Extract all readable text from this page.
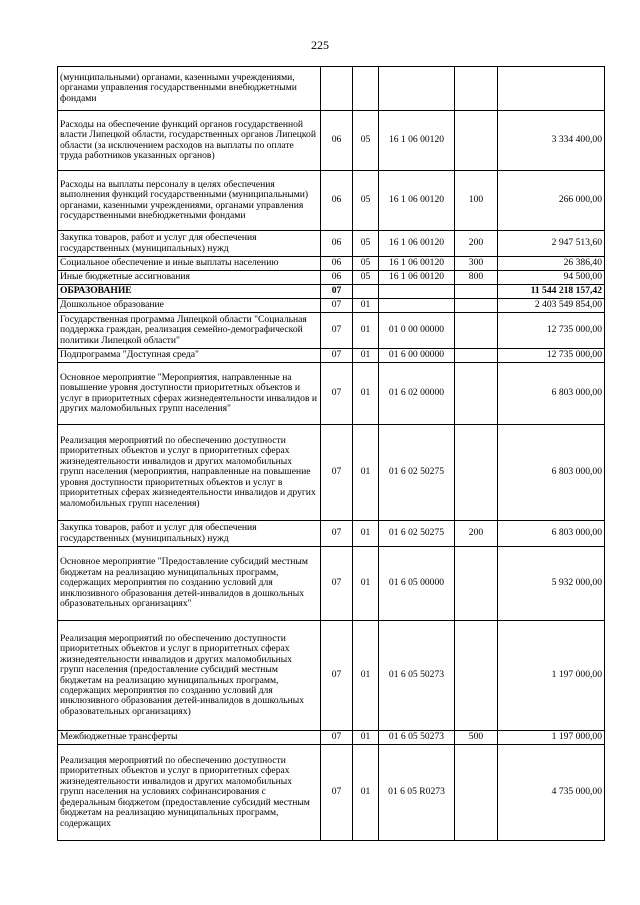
225
(муниципальными) органами, казенными учреждениями, органами управления государственными внебюджетными фондами					
Расходы на обеспечение функций органов государственной власти Липецкой области, государственных органов Липецкой области (за исключением расходов на выплаты по оплате труда работников указанных органов)	06	05	16 1 06 00120		3 334 400,00
Расходы на выплаты персоналу в целях обеспечения выполнения функций государственными (муниципальными) органами, казенными учреждениями, органами управления государственными внебюджетными фондами	06	05	16 1 06 00120	100	266 000,00
Закупка товаров, работ и услуг для обеспечения государственных (муниципальных) нужд	06	05	16 1 06 00120	200	2 947 513,60
Социальное обеспечение и иные выплаты населению	06	05	16 1 06 00120	300	26 386,40
Иные бюджетные ассигнования	06	05	16 1 06 00120	800	94 500,00
ОБРАЗОВАНИЕ	07				11 544 218 157,42
Дошкольное образование	07	01			2 403 549 854,00
Государственная программа Липецкой области "Социальная поддержка граждан, реализация семейно-демографической политики Липецкой области"	07	01	01 0 00 00000		12 735 000,00
Подпрограмма "Доступная среда"	07	01	01 6 00 00000		12 735 000,00
Основное мероприятие "Мероприятия, направленные на повышение уровня доступности приоритетных объектов и услуг в приоритетных сферах жизнедеятельности инвалидов и других маломобильных групп населения"	07	01	01 6 02 00000		6 803 000,00
Реализация мероприятий по обеспечению доступности приоритетных объектов и услуг в приоритетных сферах жизнедеятельности инвалидов и других маломобильных групп населения (мероприятия, направленные на повышение уровня доступности приоритетных объектов и услуг в приоритетных сферах жизнедеятельности инвалидов и других маломобильных групп населения)	07	01	01 6 02 50275		6 803 000,00
Закупка товаров, работ и услуг для обеспечения государственных (муниципальных) нужд	07	01	01 6 02 50275	200	6 803 000,00
Основное мероприятие "Предоставление субсидий местным бюджетам на реализацию муниципальных программ, содержащих мероприятия по созданию условий для инклюзивного образования детей-инвалидов в дошкольных образовательных организациях"	07	01	01 6 05 00000		5 932 000,00
Реализация мероприятий по обеспечению доступности приоритетных объектов и услуг в приоритетных сферах жизнедеятельности инвалидов и других маломобильных групп населения (предоставление субсидий местным бюджетам на реализацию муниципальных программ, содержащих мероприятия по созданию условий для инклюзивного образования детей-инвалидов в дошкольных образовательных организациях)	07	01	01 6 05 50273		1 197 000,00
Межбюджетные трансферты	07	01	01 6 05 50273	500	1 197 000,00
Реализация мероприятий по обеспечению доступности приоритетных объектов и услуг в приоритетных сферах жизнедеятельности инвалидов и других маломобильных групп населения на условиях софинансирования с федеральным бюджетом (предоставление субсидий местным бюджетам на реализацию муниципальных программ, содержащих	07	01	01 6 05 R0273		4 735 000,00
